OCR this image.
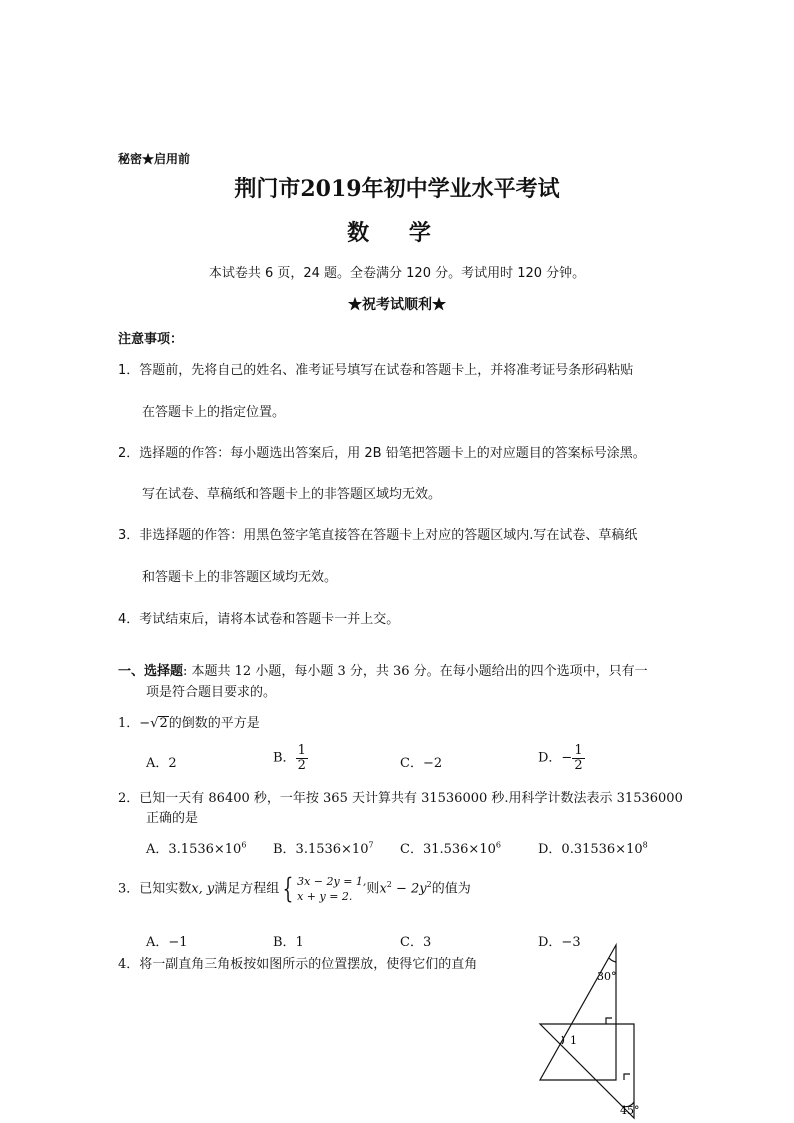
秘密★启用前
荆门市2019年初中学业水平考试
数 学
本试卷共 6 页，24 题。全卷满分 120 分。考试用时 120 分钟。
★祝考试顺利★
注意事项：
1．答题前，先将自己的姓名、准考证号填写在试卷和答题卡上，并将准考证号条形码粘贴
在答题卡上的指定位置。
2．选择题的作答：每小题选出答案后，用 2B 铅笔把答题卡上的对应题目的答案标号涂黑。
写在试卷、草稿纸和答题卡上的非答题区域均无效。
3．非选择题的作答：用黑色签字笔直接答在答题卡上对应的答题区域内.写在试卷、草稿纸
和答题卡上的非答题区域均无效。
4．考试结束后，请将本试卷和答题卡一并上交。
一、选择题: 本题共 12 小题，每小题 3 分，共 36 分。在每小题给出的四个选项中，只有一
项是符合题目要求的。
1．−√2的倒数的平方是
A．2	B． $\frac{1}{2}$	C．−2	D．− $\frac{1}{2}$
2．已知一天有 86400 秒，一年按 365 天计算共有 31536000 秒.用科学计数法表示 31536000
正确的是
A．$3.1536\times 10^6$ B．$3.1536\times 10^7$ C．$31.536\times 10^6$	D．$0.31536\times 10^8$
3．已知实数x, y满足方程组 { 3x − 2y = 1,
x + y = 2.	则$x^2 - 2y^2$的值为
A．−1	B．1	C．3	D．−3
4．将一副直角三角板按如图所示的位置摆放，使得它们的直角
30°
1
45°
